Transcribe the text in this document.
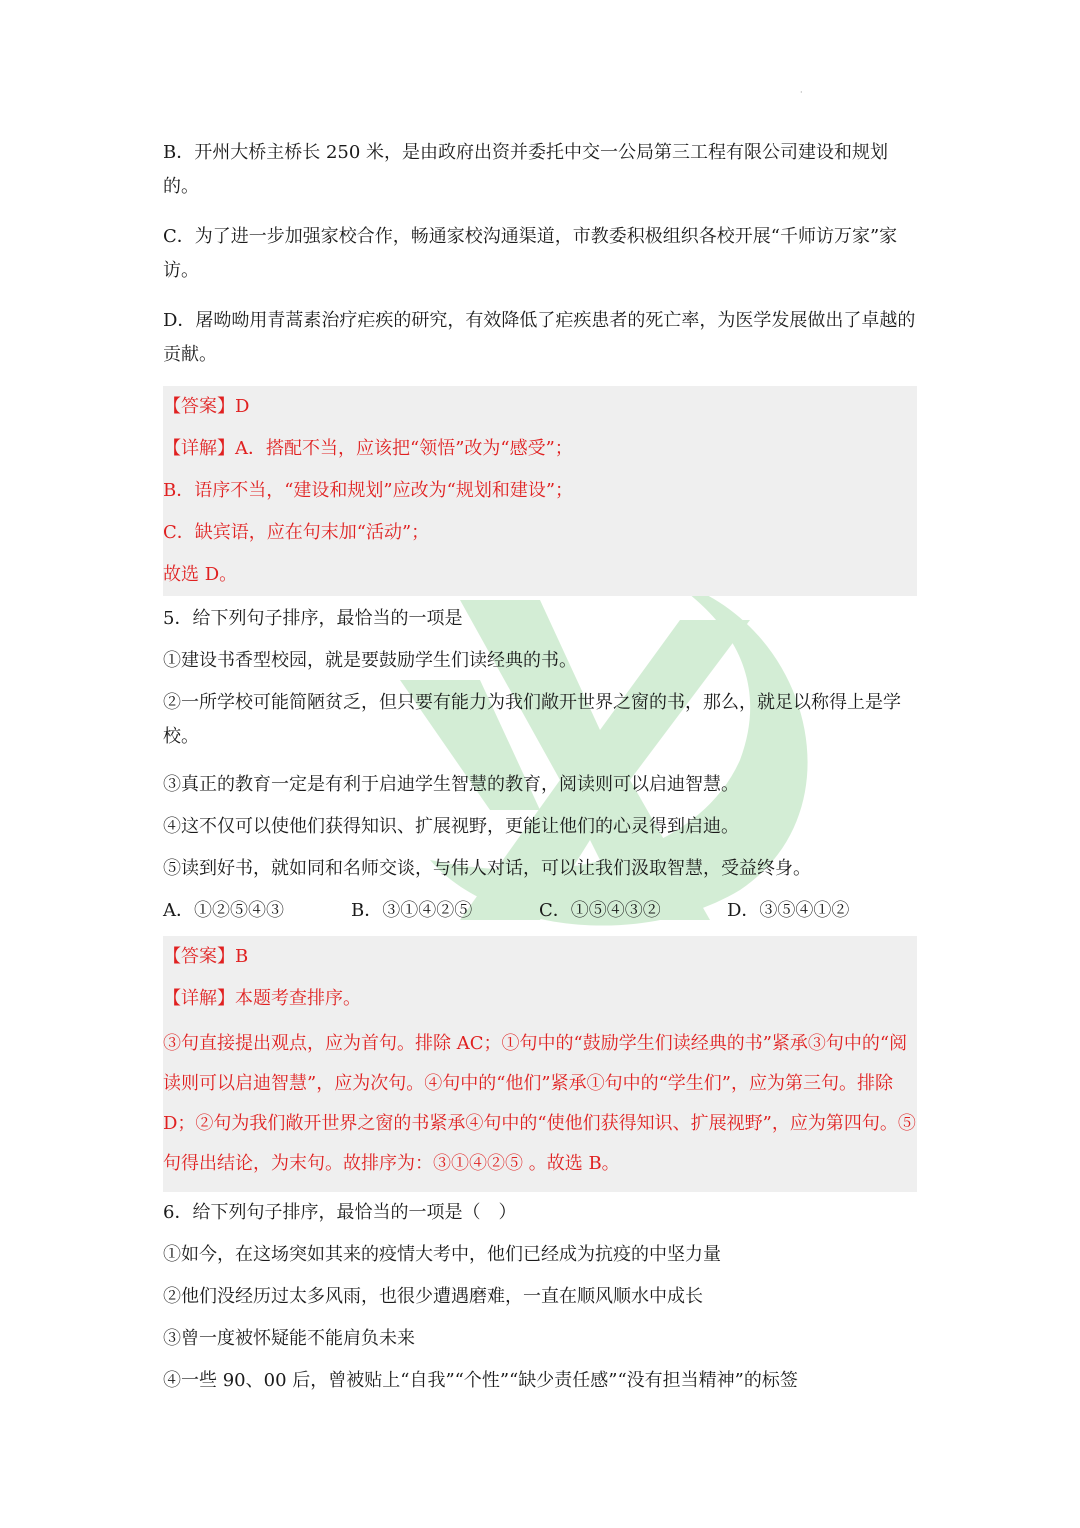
·

B．开州大桥主桥长 250 米，是由政府出资并委托中交一公局第三工程有限公司建设和规划的。

C．为了进一步加强家校合作，畅通家校沟通渠道，市教委积极组织各校开展“千师访万家”家访。

D．屠呦呦用青蒿素治疗疟疾的研究，有效降低了疟疾患者的死亡率，为医学发展做出了卓越的贡献。

【答案】D

【详解】A．搭配不当，应该把“领悟”改为“感受”；

B．语序不当，“建设和规划”应改为“规划和建设”；

C．缺宾语，应在句末加“活动”；

故选 D。

5．给下列句子排序，最恰当的一项是

①建设书香型校园，就是要鼓励学生们读经典的书。

②一所学校可能简陋贫乏，但只要有能力为我们敞开世界之窗的书，那么，就足以称得上是学校。

③真正的教育一定是有利于启迪学生智慧的教育，阅读则可以启迪智慧。

④这不仅可以使他们获得知识、扩展视野，更能让他们的心灵得到启迪。

⑤读到好书，就如同和名师交谈，与伟人对话，可以让我们汲取智慧，受益终身。

A．①②⑤④③	B．③①④②⑤	C．①⑤④③②	D．③⑤④①②

【答案】B

【详解】本题考查排序。

③句直接提出观点，应为首句。排除 AC；①句中的“鼓励学生们读经典的书”紧承③句中的“阅读则可以启迪智慧”，应为次句。④句中的“他们”紧承①句中的“学生们”，应为第三句。排除 D；②句为我们敞开世界之窗的书紧承④句中的“使他们获得知识、扩展视野”，应为第四句。⑤句得出结论，为末句。故排序为：③①④②⑤ 。故选 B。

6．给下列句子排序，最恰当的一项是（　）

①如今，在这场突如其来的疫情大考中，他们已经成为抗疫的中坚力量

②他们没经历过太多风雨，也很少遭遇磨难，一直在顺风顺水中成长

③曾一度被怀疑能不能肩负未来

④一些 90、00 后，曾被贴上“自我”“个性”“缺少责任感”“没有担当精神”的标签
